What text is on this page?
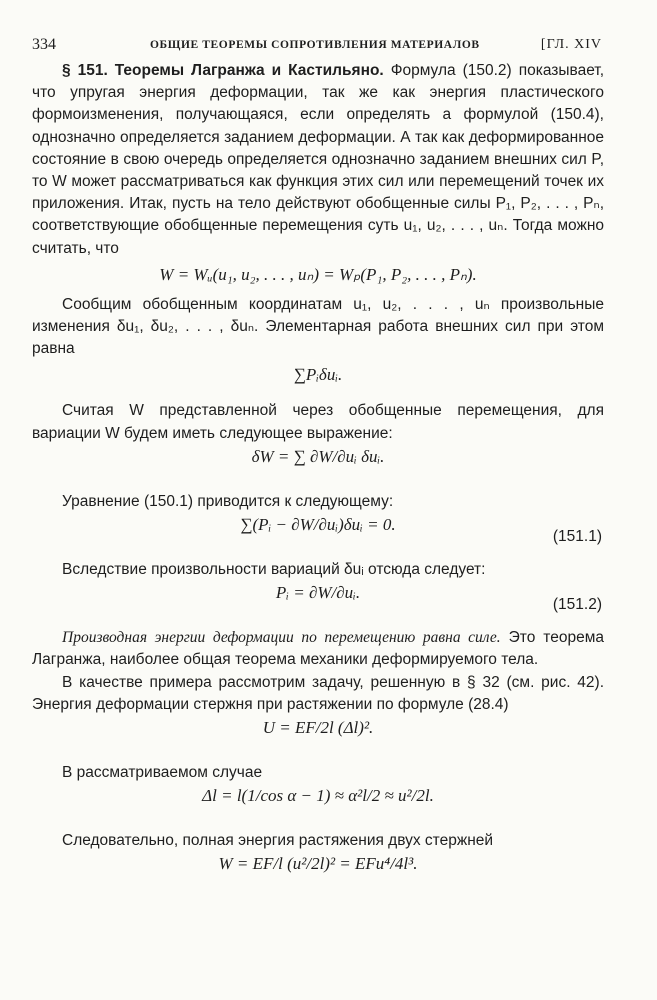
334	ОБЩИЕ ТЕОРЕМЫ СОПРОТИВЛЕНИЯ МАТЕРИАЛОВ	[ГЛ. XIV

§ 151. Теоремы Лагранжа и Кастильяно. Формула (150.2) показывает, что упругая энергия деформации, так же как энергия пластического формоизменения, получающаяся, если определять a формулой (150.4), однозначно определяется заданием деформации. А так как деформированное состояние в свою очередь определяется однозначно заданием внешних сил P, то W может рассматриваться как функция этих сил или перемещений точек их приложения. Итак, пусть на тело действуют обобщенные силы P₁, P₂, . . . , Pₙ, соответствующие обобщенные перемещения суть u₁, u₂, . . . , uₙ. Тогда можно считать, что

W = Wᵤ(u₁, u₂, . . . , uₙ) = Wₚ(P₁, P₂, . . . , Pₙ).

Сообщим обобщенным координатам u₁, u₂, . . . , uₙ произвольные изменения δu₁, δu₂, . . . , δuₙ. Элементарная работа внешних сил при этом равна

∑Pᵢδuᵢ.

Считая W представленной через обобщенные перемещения, для вариации W будем иметь следующее выражение:

δW = ∑ ∂W/∂uᵢ δuᵢ.

Уравнение (150.1) приводится к следующему:

∑(Pᵢ − ∂W/∂uᵢ)δuᵢ = 0.
(151.1)

Вследствие произвольности вариаций δuᵢ отсюда следует:

Pᵢ = ∂W/∂uᵢ.
(151.2)

Производная энергии деформации по перемещению равна силе. Это теорема Лагранжа, наиболее общая теорема механики деформируемого тела.

В качестве примера рассмотрим задачу, решенную в § 32 (см. рис. 42). Энергия деформации стержня при растяжении по формуле (28.4)

U = EF/2l (Δl)².

В рассматриваемом случае

Δl = l(1/cos α − 1) ≈ α²l/2 ≈ u²/2l.

Следовательно, полная энергия растяжения двух стержней

W = EF/l (u²/2l)² = EFu⁴/4l³.
